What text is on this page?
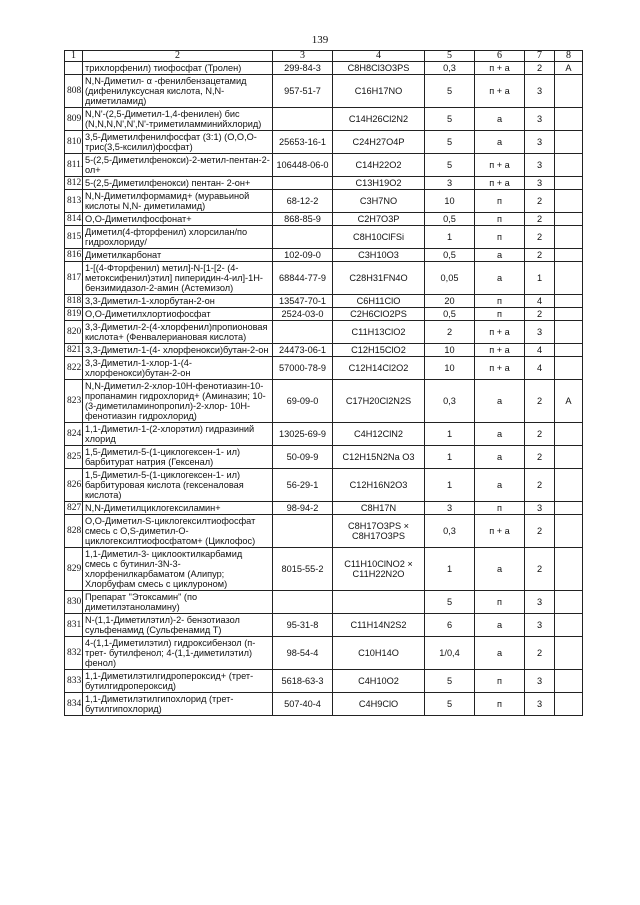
139
1	2	3	4	5	6	7	8
	трихлорфенил) тиофосфат (Тролен)	299-84-3	C8H8Cl3O3PS	0,3	п + а	2	А
808.	N,N-Диметил- α -фенилбензацетамид (дифенилуксусная кислота, N,N-диметиламид)	957-51-7	C16H17NO	5	п + а	3	
809.	N,N'-(2,5-Диметил-1,4-фенилен) бис (N,N,N,N',N',N'-триметиламминийхлорид)		C14H26Cl2N2	5	а	3	
810.	3,5-Диметилфенилфосфат (3:1) (O,O,O-трис(3,5-ксилил)фосфат)	25653-16-1	C24H27O4P	5	а	3	
811.	5-(2,5-Диметилфенокси)-2-метил-пентан-2-ол+	106448-06-0	C14H22O2	5	п + а	3	
812.	5-(2,5-Диметилфенокси) пентан- 2-он+		C13H19O2	3	п + а	3	
813.	N,N-Диметилформамид+ (муравьиной кислоты N,N- диметиламид)	68-12-2	C3H7NO	10	п	2	
814.	O,O-Диметилфосфонат+	868-85-9	C2H7O3P	0,5	п	2	
815.	Диметил(4-фторфенил) хлорсилан/по гидрохлориду/		C8H10ClFSi	1	п	2	
816.	Диметилкарбонат	102-09-0	C3H10O3	0,5	а	2	
817.	1-[(4-Фторфенил) метил]-N-[1-[2- (4-метоксифенил)этил] пиперидин-4-ил]-1Н- бензимидазол-2-амин (Астемизол)	68844-77-9	C28H31FN4O	0,05	а	1	
818.	3,3-Диметил-1-хлорбутан-2-он	13547-70-1	C6H11ClO	20	п	4	
819.	O,O-Диметилхлортиофосфат	2524-03-0	C2H6ClO2PS	0,5	п	2	
820.	3,3-Диметил-2-(4-хлорфенил)пропионовая кислота+ (Фенвалериановая кислота)		C11H13ClO2	2	п + а	3	
821.	3,3-Диметил-1-(4- хлорфенокси)бутан-2-он	24473-06-1	C12H15ClO2	10	п + а	4	
822.	3,3-Диметил-1-хлор-1-(4-хлорфенокси)бутан-2-он	57000-78-9	C12H14Cl2O2	10	п + а	4	
823.	N,N-Диметил-2-хлор-10Н-фенотиазин-10-пропанамин гидрохлорид+ (Аминазин; 10-(3-диметиламинопропил)-2-хлор- 10Н-фенотиазин гидрохлорид)	69-09-0	C17H20Cl2N2S	0,3	а	2	А
824.	1,1-Диметил-1-(2-хлорэтил) гидразиний хлорид	13025-69-9	C4H12ClN2	1	а	2	
825.	1,5-Диметил-5-(1-циклогексен-1- ил) барбитурат натрия (Гексенал)	50-09-9	C12H15N2Na O3	1	а	2	
826.	1,5-Диметил-5-(1-циклогексен-1- ил) барбитуровая кислота (гексеналовая кислота)	56-29-1	C12H16N2O3	1	а	2	
827.	N,N-Диметилциклогексиламин+	98-94-2	C8H17N	3	п	3	
828.	O,O-Диметил-S-циклогексилтиофосфат смесь с O,S-диметил-O-циклогексилтиофосфатом+ (Циклофос)		C8H17O3PS × C8H17O3PS	0,3	п + а	2	
829.	1,1-Диметил-3- циклооктилкарбамид смесь с бутинил-3N-3-хлорфенилкарбаматом (Алипур; Хлорбуфам смесь с циклуроном)	8015-55-2	C11H10ClNO2 × C11H22N2O	1	а	2	
830.	Препарат "Этоксамин" (по диметилэтаноламину)			5	п	3	
831.	N-(1,1-Диметилэтил)-2- бензотиазол сульфенамид (Сульфенамид Т)	95-31-8	C11H14N2S2	6	а	3	
832.	4-(1,1-Диметилэтил) гидроксибензол (п-трет- бутилфенол; 4-(1,1-диметилэтил) фенол)	98-54-4	C10H14O	1/0,4	а	2	
833.	1,1-Диметилэтилгидропероксид+ (трет-бутилгидропероксид)	5618-63-3	C4H10O2	5	п	3	
834.	1,1-Диметилэтилгипохлорид (трет-бутилгипохлорид)	507-40-4	C4H9ClO	5	п	3	
